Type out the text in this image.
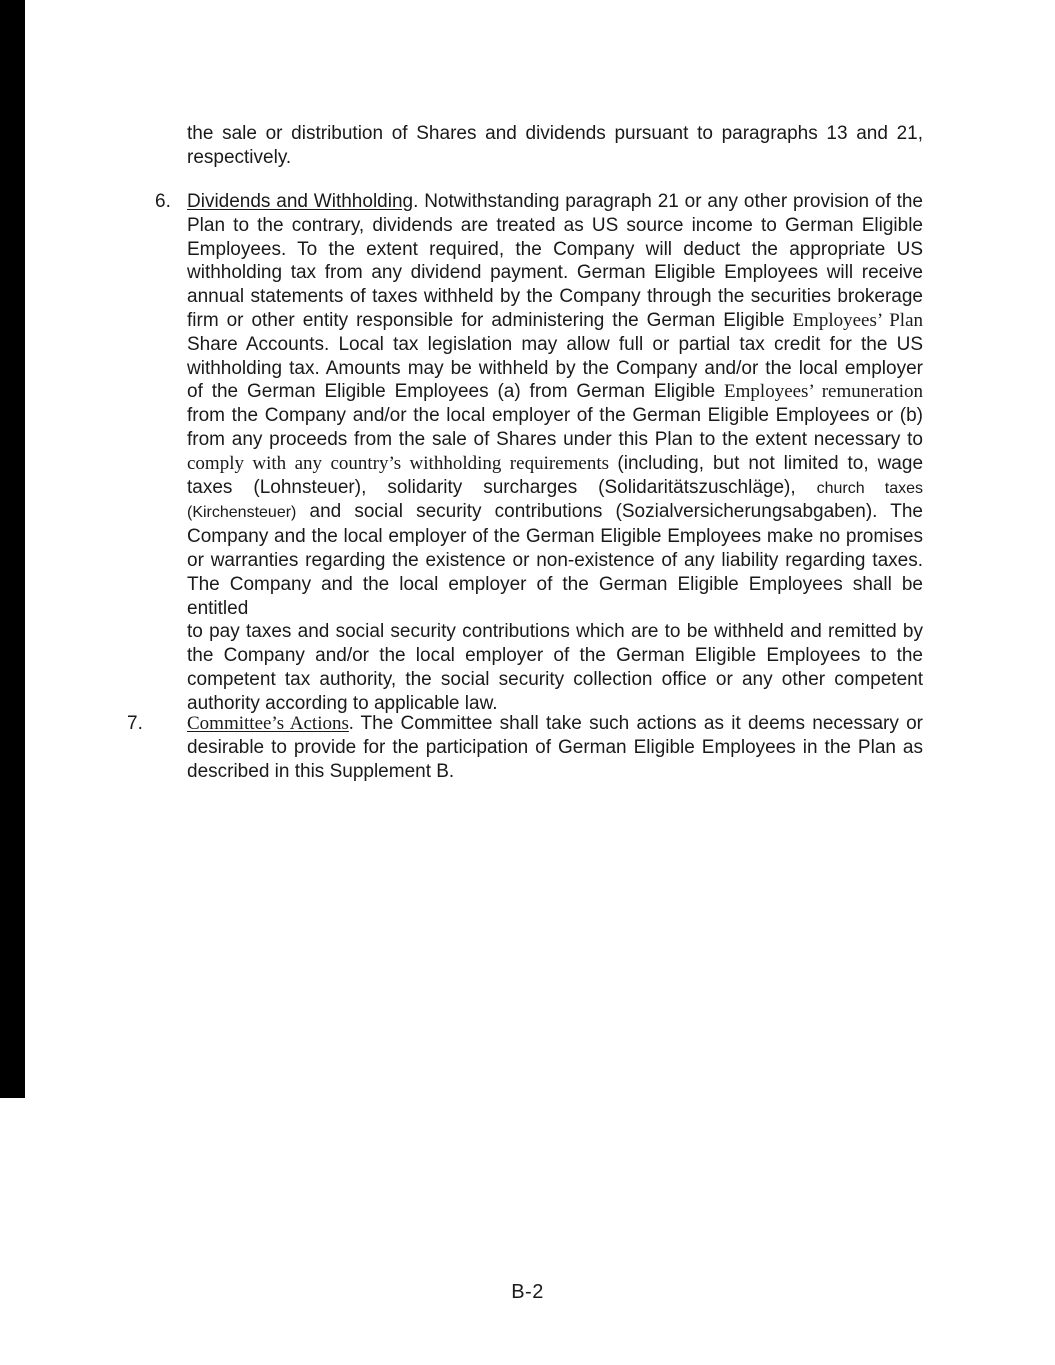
the sale or distribution of Shares and dividends pursuant to paragraphs 13 and 21,
respectively.
6. Dividends and Withholding. Notwithstanding paragraph 21 or any other provision of the
Plan to the contrary, dividends are treated as US source income to German Eligible
Employees. To the extent required, the Company will deduct the appropriate US
withholding tax from any dividend payment. German Eligible Employees will receive
annual statements of taxes withheld by the Company through the securities brokerage
firm or other entity responsible for administering the German Eligible Employees’ Plan
Share Accounts. Local tax legislation may allow full or partial tax credit for the US
withholding tax. Amounts may be withheld by the Company and/or the local employer
of the German Eligible Employees (a) from German Eligible Employees’ remuneration
from the Company and/or the local employer of the German Eligible Employees or (b)
from any proceeds from the sale of Shares under this Plan to the extent necessary to
comply with any country’s withholding requirements (including, but not limited to, wage
taxes (Lohnsteuer), solidarity surcharges (Solidaritätszuschläge), church taxes
(Kirchensteuer) and social security contributions (Sozialversicherungsabgaben). The
Company and the local employer of the German Eligible Employees make no promises
or warranties regarding the existence or non-existence of any liability regarding taxes.
The Company and the local employer of the German Eligible Employees shall be entitled
to pay taxes and social security contributions which are to be withheld and remitted by
the Company and/or the local employer of the German Eligible Employees to the
competent tax authority, the social security collection office or any other competent
authority according to applicable law.
7. Committee’s Actions. The Committee shall take such actions as it deems necessary or
desirable to provide for the participation of German Eligible Employees in the Plan as
described in this Supplement B.
B-2
